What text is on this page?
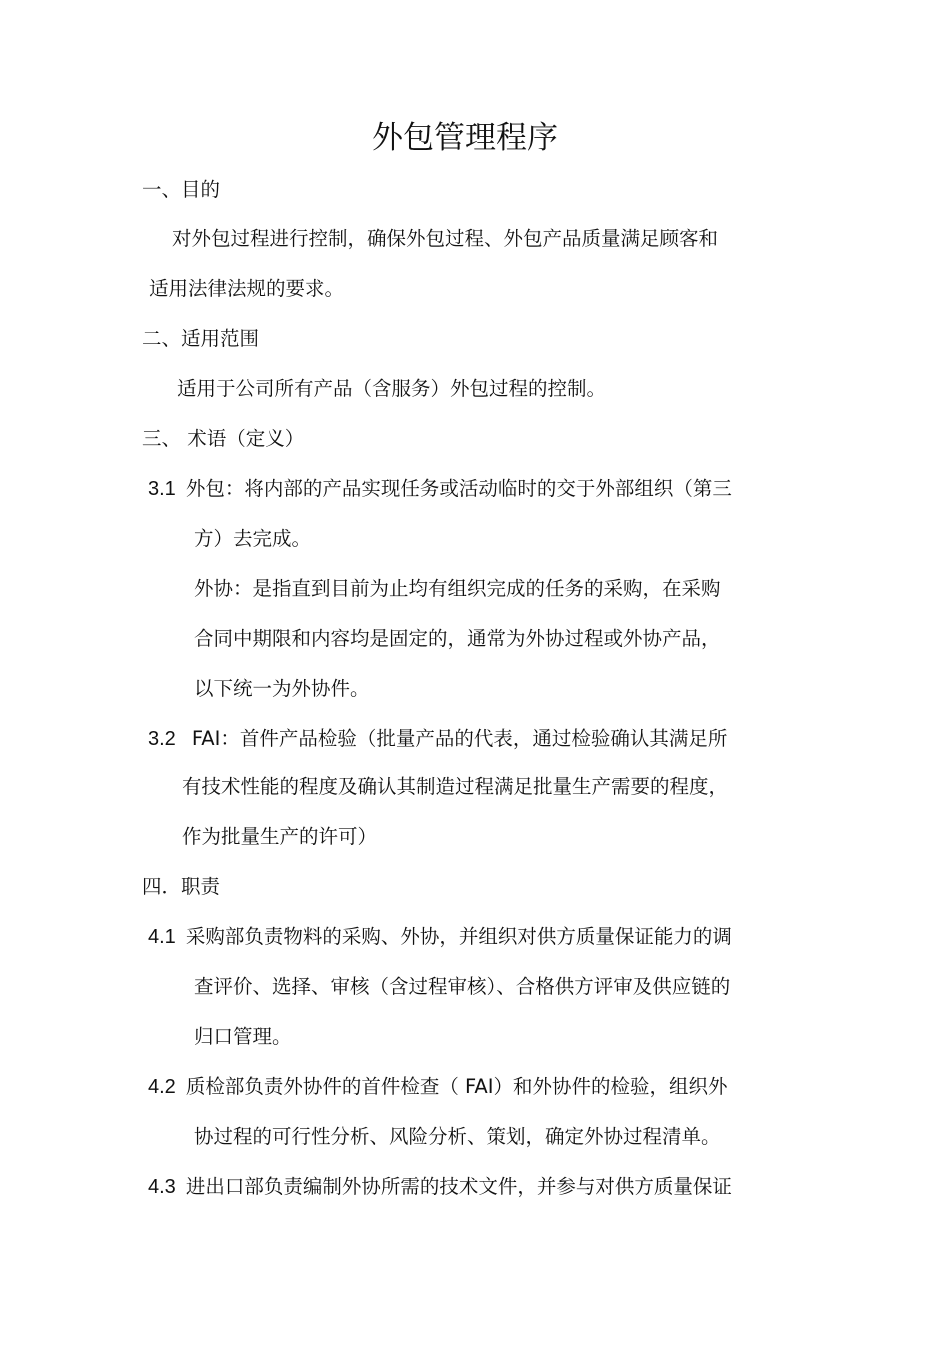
外包管理程序

一、目的

对外包过程进行控制，确保外包过程、外包产品质量满足顾客和

适用法律法规的要求。

二、适用范围

适用于公司所有产品（含服务）外包过程的控制。

三、 术语（定义）

3.1 外包：将内部的产品实现任务或活动临时的交于外部组织（第三

方）去完成。

外协：是指直到目前为止均有组织完成的任务的采购，在采购

合同中期限和内容均是固定的，通常为外协过程或外协产品，

以下统一为外协件。

3.2 FAI：首件产品检验（批量产品的代表，通过检验确认其满足所

有技术性能的程度及确认其制造过程满足批量生产需要的程度，

作为批量生产的许可）

四．职责

4.1 采购部负责物料的采购、外协，并组织对供方质量保证能力的调

查评价、选择、审核（含过程审核）、合格供方评审及供应链的

归口管理。

4.2 质检部负责外协件的首件检查（ FAI）和外协件的检验，组织外

协过程的可行性分析、风险分析、策划，确定外协过程清单。

4.3 进出口部负责编制外协所需的技术文件，并参与对供方质量保证
